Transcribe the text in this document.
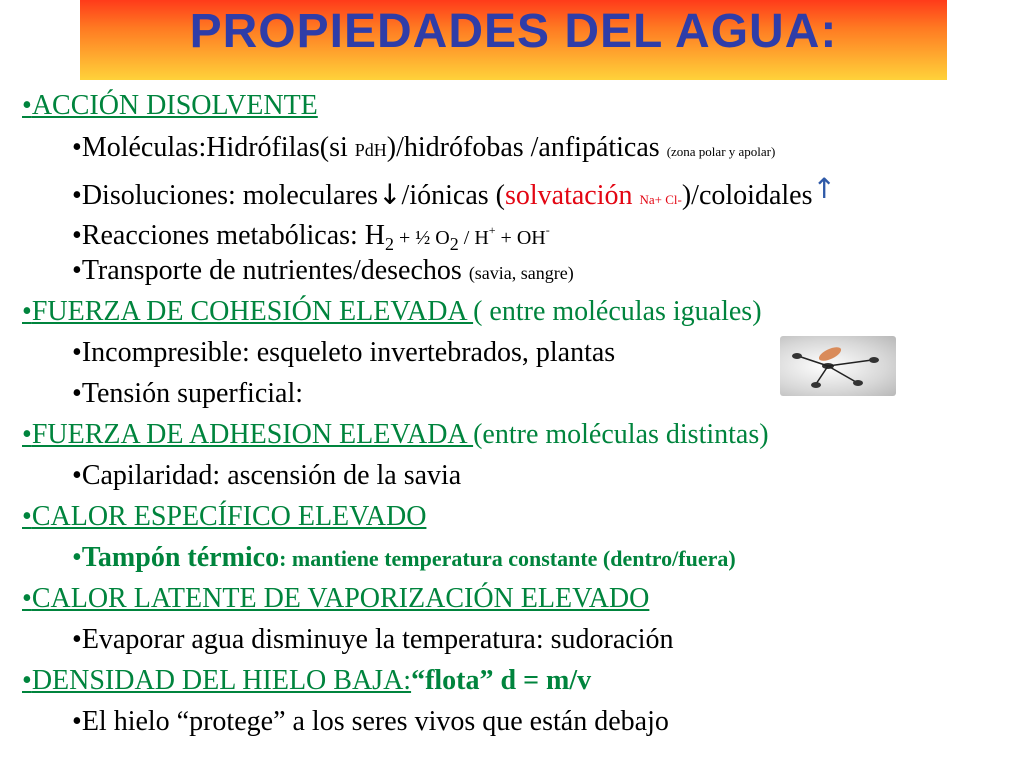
PROPIEDADES DEL AGUA:
•ACCIÓN DISOLVENTE
•Moléculas:Hidrófilas(si PdH)/hidrófobas /anfipáticas (zona polar y apolar)
•Disoluciones: moleculares↓/iónicas (solvatación Na+ Cl-)/coloidales↑
•Reacciones metabólicas: $H_2$ + ½ $O_2 / H^+ + OH^-$
•Transporte de nutrientes/desechos (savia, sangre)
•FUERZA DE COHESIÓN ELEVADA ( entre moléculas iguales)
•Incompresible: esqueleto invertebrados, plantas
•Tensión superficial:
•FUERZA DE ADHESION ELEVADA (entre moléculas distintas)
•Capilaridad: ascensión de la savia
•CALOR ESPECÍFICO ELEVADO
•Tampón térmico: mantiene temperatura constante (dentro/fuera)
•CALOR LATENTE DE VAPORIZACIÓN ELEVADO
•Evaporar agua disminuye la temperatura: sudoración
•DENSIDAD DEL HIELO BAJA:“flota” d = m/v
•El hielo “protege” a los seres vivos que están debajo
